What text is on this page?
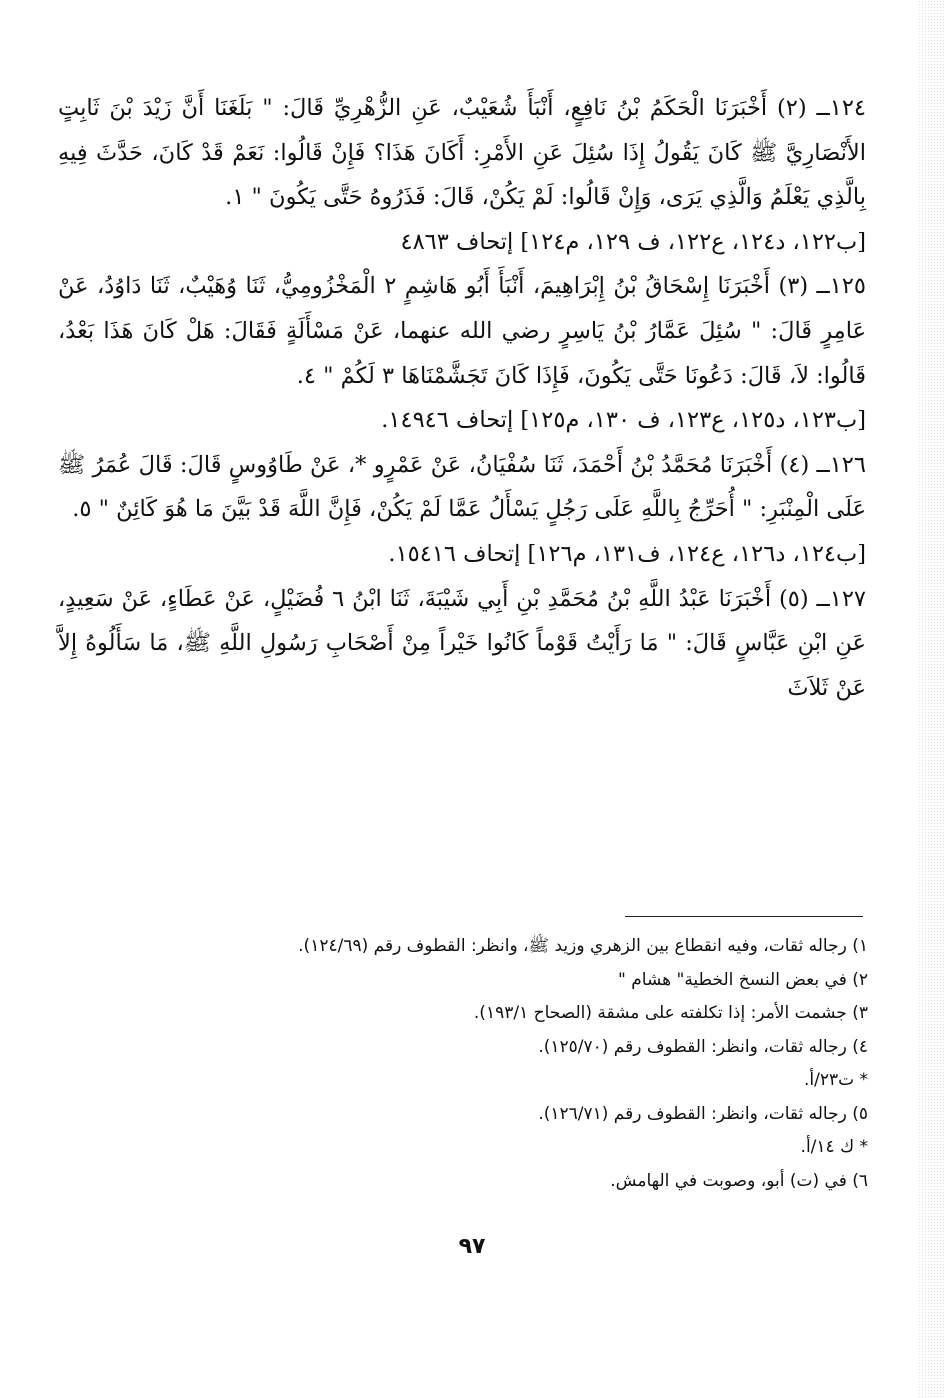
١٢٤ــ (٢) أَخْبَرَنَا الْحَكَمُ بْنُ نَافِعٍ، أَنْبَأَ شُعَيْبٌ، عَنِ الزُّهْرِيِّ قَالَ: " بَلَغَنَا أَنَّ زَيْدَ بْنَ ثَابِتٍ الأَنْصَارِيَّ ﷺ كَانَ يَقُولُ إِذَا سُئِلَ عَنِ الأَمْرِ: أَكَانَ هَذَا؟ فَإِنْ قَالُوا: نَعَمْ قَدْ كَانَ، حَدَّثَ فِيهِ بِالَّذِي يَعْلَمُ وَالَّذِي يَرَى، وَإِنْ قَالُوا: لَمْ يَكُنْ، قَالَ: فَذَرُوهُ حَتَّى يَكُونَ " ١.

[ب١٢٢، د١٢٤، ع١٢٢، ف ١٢٩، م١٢٤] إتحاف ٤٨٦٣

١٢٥ــ (٣) أَخْبَرَنَا إِسْحَاقُ بْنُ إِبْرَاهِيمَ، أَنْبَأَ أَبُو هَاشِمٍ ٢ الْمَخْزُومِيُّ، ثَنَا وُهَيْبٌ، ثَنَا دَاوُدُ، عَنْ عَامِرٍ قَالَ: " سُئِلَ عَمَّارُ بْنُ يَاسِرٍ رضي الله عنهما، عَنْ مَسْأَلَةٍ فَقَالَ: هَلْ كَانَ هَذَا بَعْدُ، قَالُوا: لاَ، قَالَ: دَعُونَا حَتَّى يَكُونَ، فَإِذَا كَانَ تَجَشَّمْنَاهَا ٣ لَكُمْ " ٤.

[ب١٢٣، د١٢٥، ع١٢٣، ف ١٣٠، م١٢٥] إتحاف ١٤٩٤٦.

١٢٦ــ (٤) أَخْبَرَنَا مُحَمَّدُ بْنُ أَحْمَدَ، ثَنَا سُفْيَانُ، عَنْ عَمْرٍو *، عَنْ طَاوُوسٍ قَالَ: قَالَ عُمَرُ ﷺ عَلَى الْمِنْبَرِ: " أُحَرِّجُ بِاللَّهِ عَلَى رَجُلٍ يَسْأَلُ عَمَّا لَمْ يَكُنْ، فَإِنَّ اللَّهَ قَدْ بَيَّنَ مَا هُوَ كَائِنٌ " ٥.

[ب١٢٤، د١٢٦، ع١٢٤، ف١٣١، م١٢٦] إتحاف ١٥٤١٦.

١٢٧ــ (٥) أَخْبَرَنَا عَبْدُ اللَّهِ بْنُ مُحَمَّدِ بْنِ أَبِي شَيْبَةَ، ثَنَا ابْنُ ٦ فُضَيْلٍ، عَنْ عَطَاءٍ، عَنْ سَعِيدٍ، عَنِ ابْنِ عَبَّاسٍ قَالَ: " مَا رَأَيْتُ قَوْماً كَانُوا خَيْراً مِنْ أَصْحَابِ رَسُولِ اللَّهِ ﷺ، مَا سَأَلُوهُ إِلاَّ عَنْ ثَلاَثَ

١) رجاله ثقات، وفيه انقطاع بين الزهري وزيد ﷺ، وانظر: القطوف رقم (١٢٤/٦٩).

٢) في بعض النسخ الخطية" هشام "

٣) جشمت الأمر: إذا تكلفته على مشقة (الصحاح ١٩٣/١).

٤) رجاله ثقات، وانظر: القطوف رقم (١٢٥/٧٠).

* ت٢٣/أ.

٥) رجاله ثقات، وانظر: القطوف رقم (١٢٦/٧١).

* ك ١٤/أ.

٦) في (ت) أبو، وصوبت في الهامش.

٩٧
